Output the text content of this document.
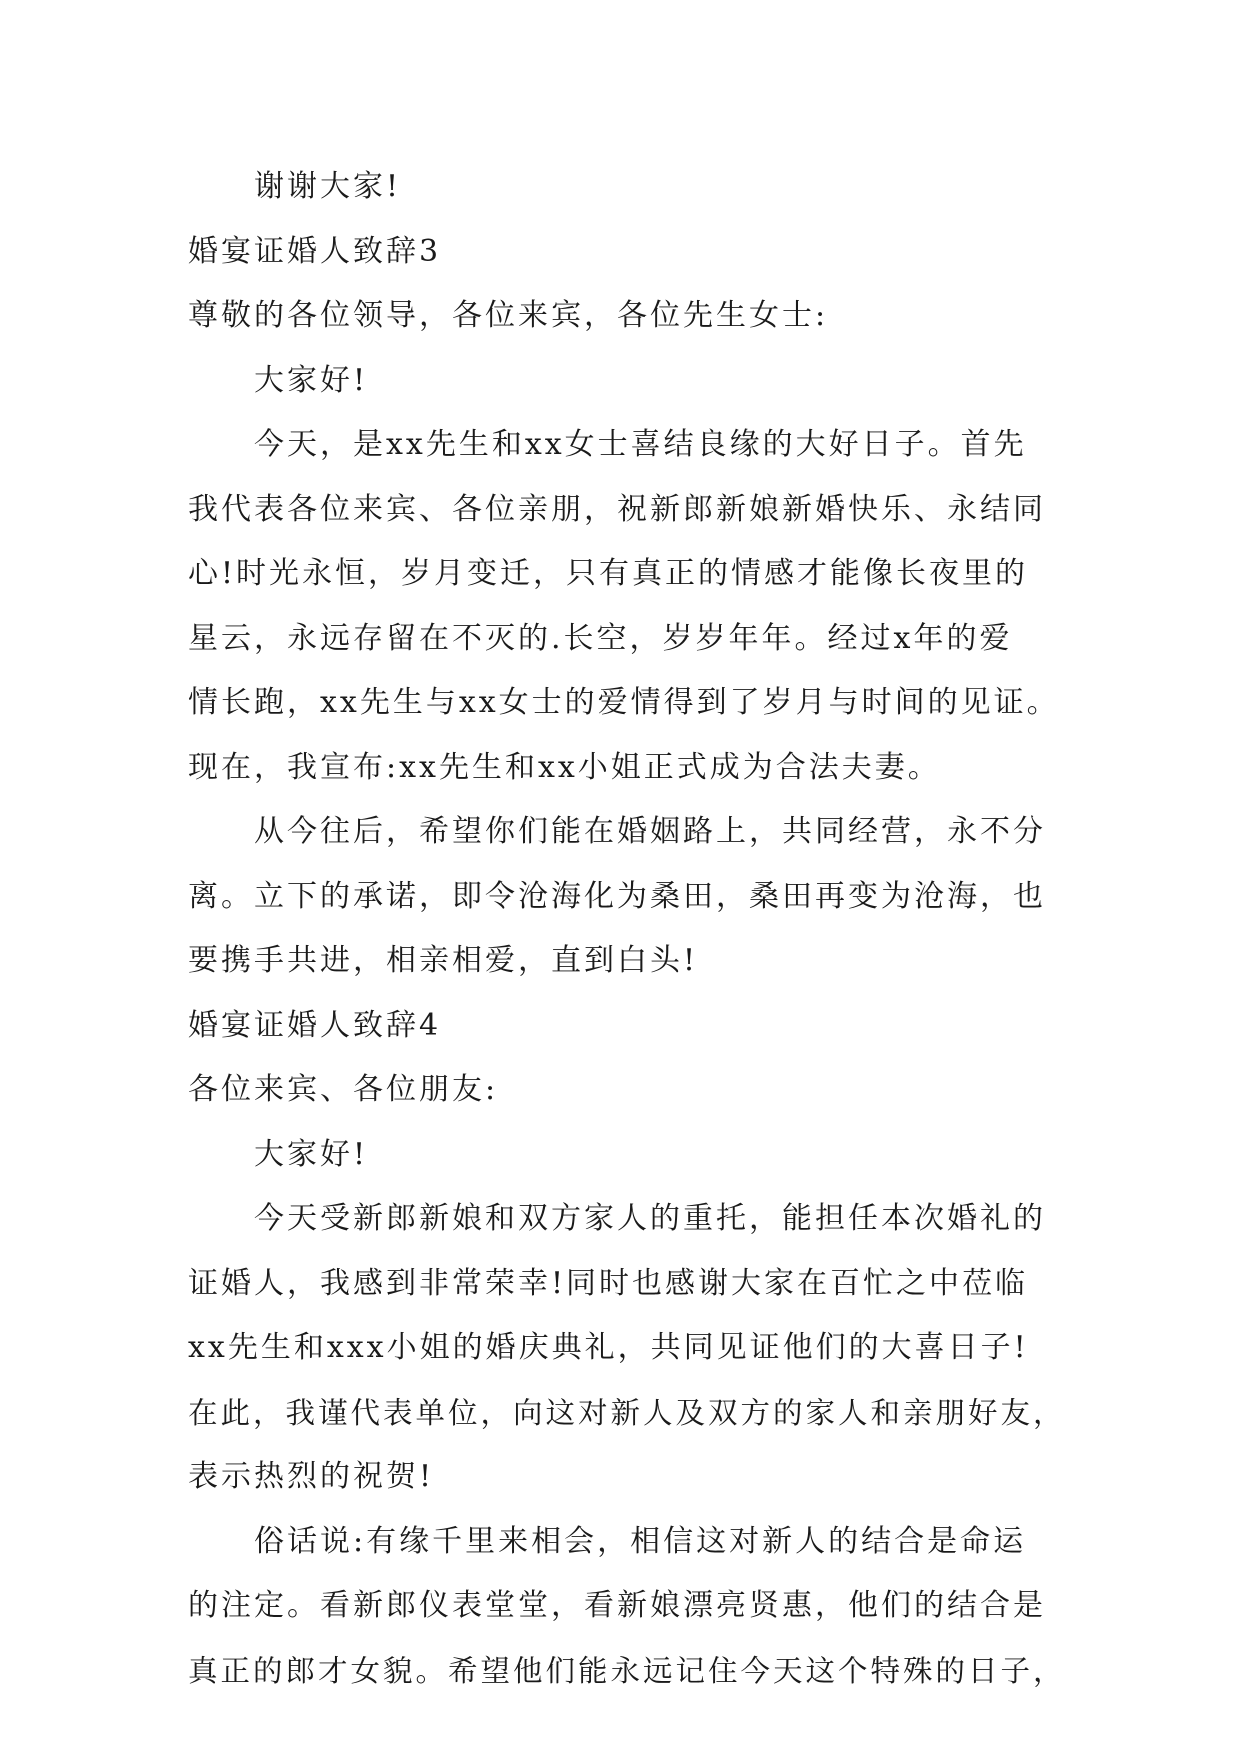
谢谢大家!

婚宴证婚人致辞3

尊敬的各位领导，各位来宾，各位先生女士:

大家好!

今天，是xx先生和xx女士喜结良缘的大好日子。首先

我代表各位来宾、各位亲朋，祝新郎新娘新婚快乐、永结同

心!时光永恒，岁月变迁，只有真正的情感才能像长夜里的

星云，永远存留在不灭的.长空，岁岁年年。经过x年的爱

情长跑，xx先生与xx女士的爱情得到了岁月与时间的见证。

现在，我宣布:xx先生和xx小姐正式成为合法夫妻。

从今往后，希望你们能在婚姻路上，共同经营，永不分

离。立下的承诺，即令沧海化为桑田，桑田再变为沧海，也

要携手共进，相亲相爱，直到白头!

婚宴证婚人致辞4

各位来宾、各位朋友:

大家好!

今天受新郎新娘和双方家人的重托，能担任本次婚礼的

证婚人，我感到非常荣幸!同时也感谢大家在百忙之中莅临

xx先生和xxx小姐的婚庆典礼，共同见证他们的大喜日子!

在此，我谨代表单位，向这对新人及双方的家人和亲朋好友，

表示热烈的祝贺!

俗话说:有缘千里来相会，相信这对新人的结合是命运

的注定。看新郎仪表堂堂，看新娘漂亮贤惠，他们的结合是

真正的郎才女貌。希望他们能永远记住今天这个特殊的日子，
